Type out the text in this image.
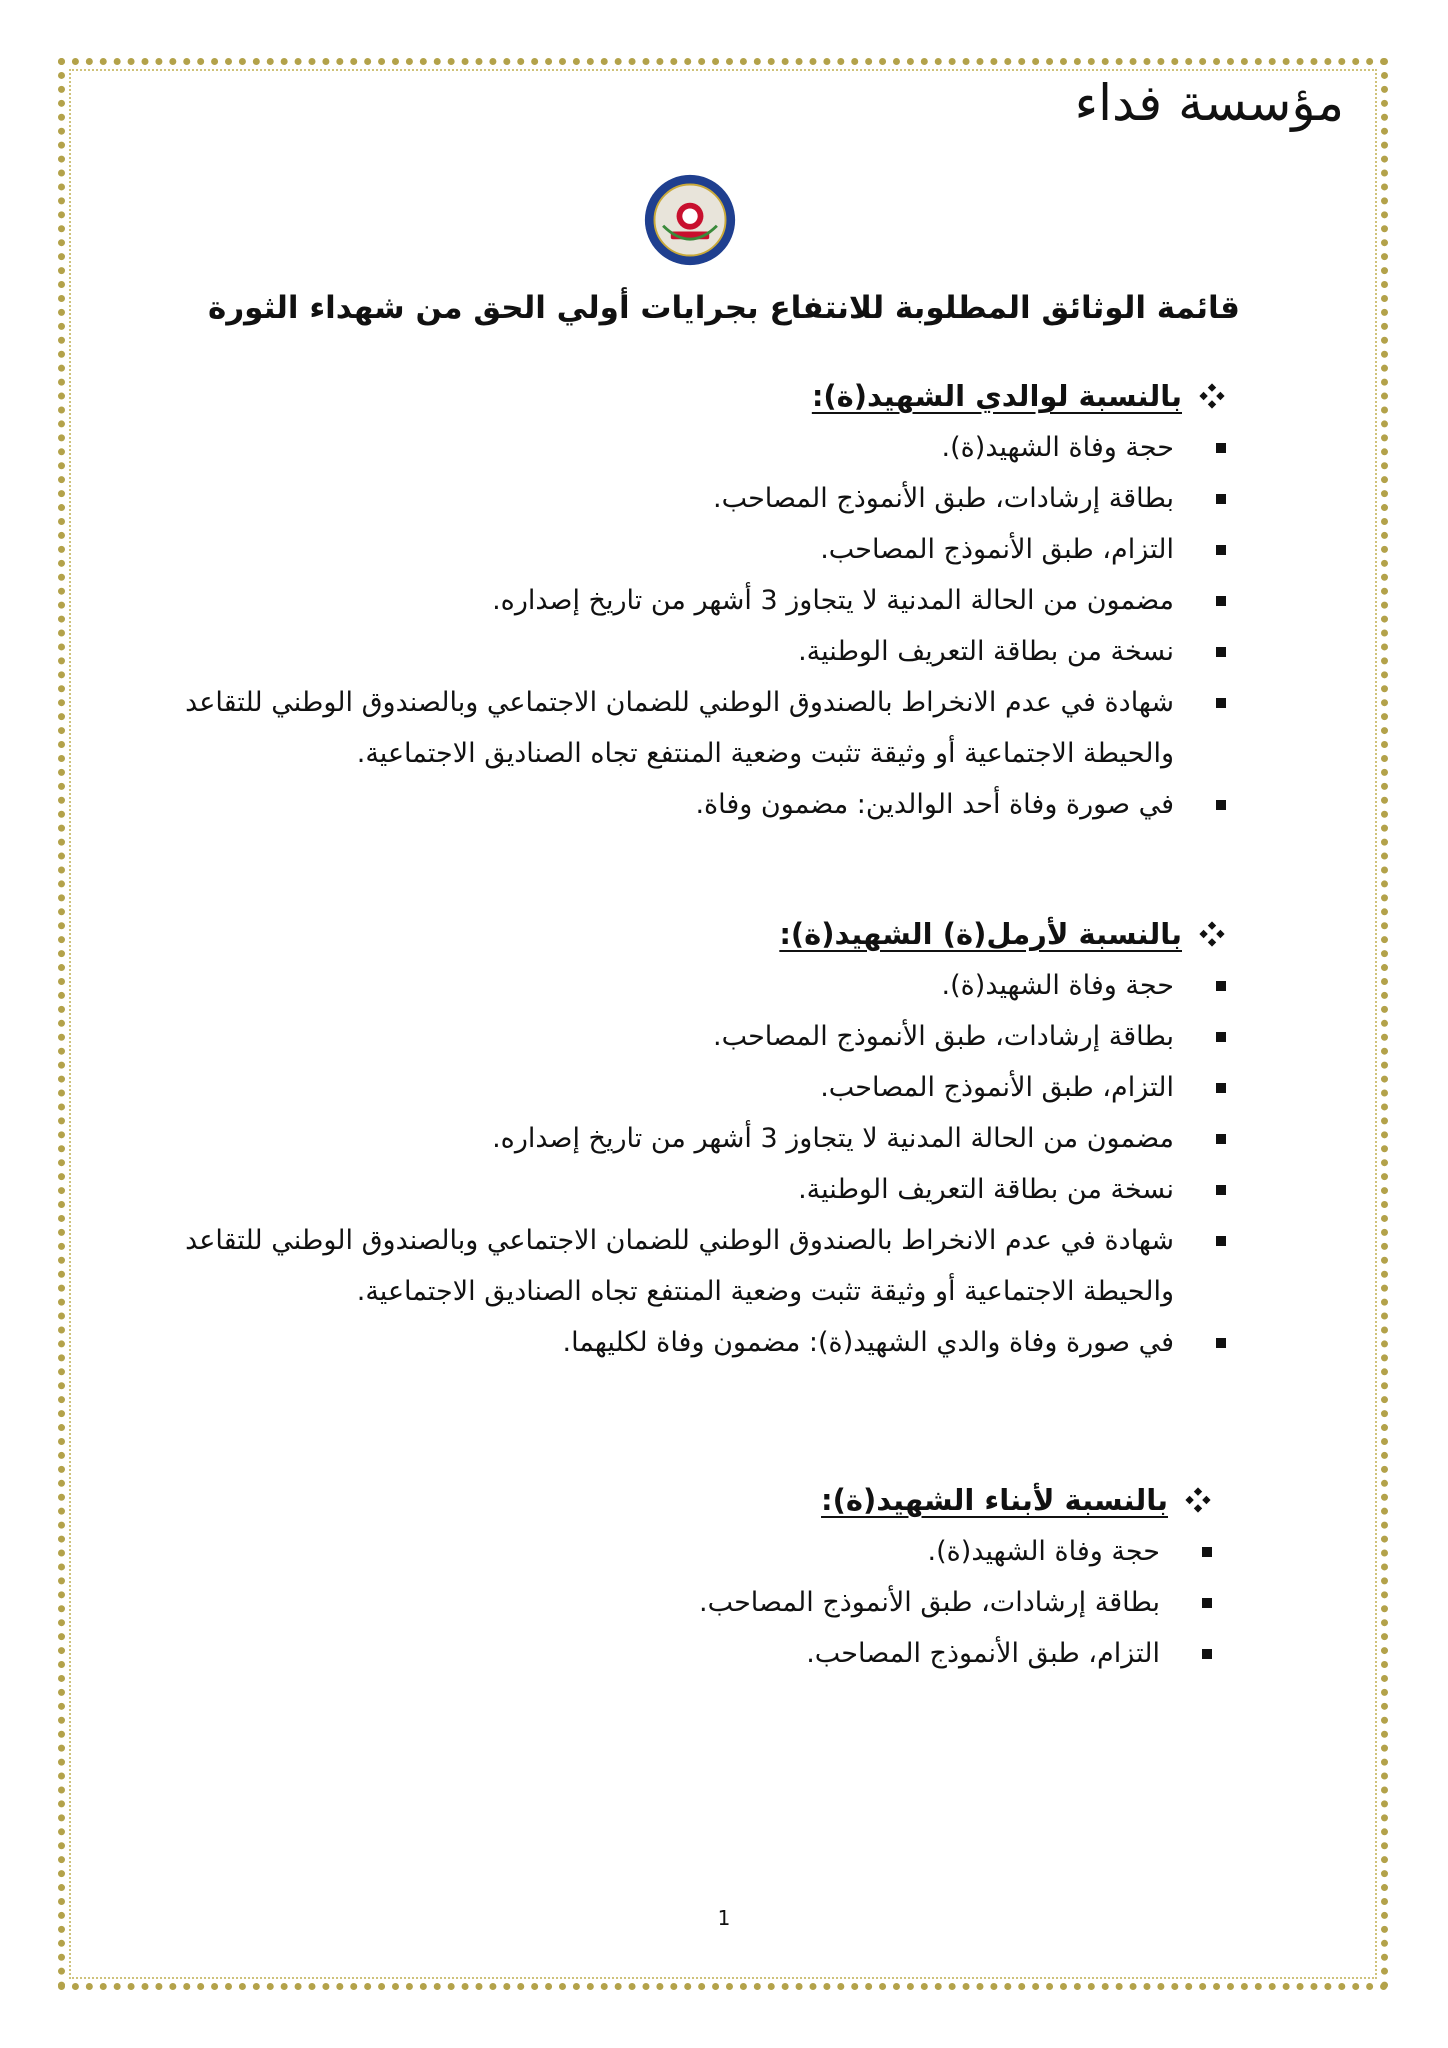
مؤسسة فداء
قائمة الوثائق المطلوبة للانتفاع بجرايات أولي الحق من شهداء الثورة
بالنسبة لوالدي الشهيد(ة):
حجة وفاة الشهيد(ة).
بطاقة إرشادات، طبق الأنموذج المصاحب.
التزام، طبق الأنموذج المصاحب.
مضمون من الحالة المدنية لا يتجاوز 3 أشهر من تاريخ إصداره.
نسخة من بطاقة التعريف الوطنية.
شهادة في عدم الانخراط بالصندوق الوطني للضمان الاجتماعي وبالصندوق الوطني للتقاعد والحيطة الاجتماعية أو وثيقة تثبت وضعية المنتفع تجاه الصناديق الاجتماعية.
في صورة وفاة أحد الوالدين: مضمون وفاة.
بالنسبة لأرمل(ة) الشهيد(ة):
حجة وفاة الشهيد(ة).
بطاقة إرشادات، طبق الأنموذج المصاحب.
التزام، طبق الأنموذج المصاحب.
مضمون من الحالة المدنية لا يتجاوز 3 أشهر من تاريخ إصداره.
نسخة من بطاقة التعريف الوطنية.
شهادة في عدم الانخراط بالصندوق الوطني للضمان الاجتماعي وبالصندوق الوطني للتقاعد والحيطة الاجتماعية أو وثيقة تثبت وضعية المنتفع تجاه الصناديق الاجتماعية.
في صورة وفاة والدي الشهيد(ة): مضمون وفاة لكليهما.
بالنسبة لأبناء الشهيد(ة):
حجة وفاة الشهيد(ة).
بطاقة إرشادات، طبق الأنموذج المصاحب.
التزام، طبق الأنموذج المصاحب.
1
